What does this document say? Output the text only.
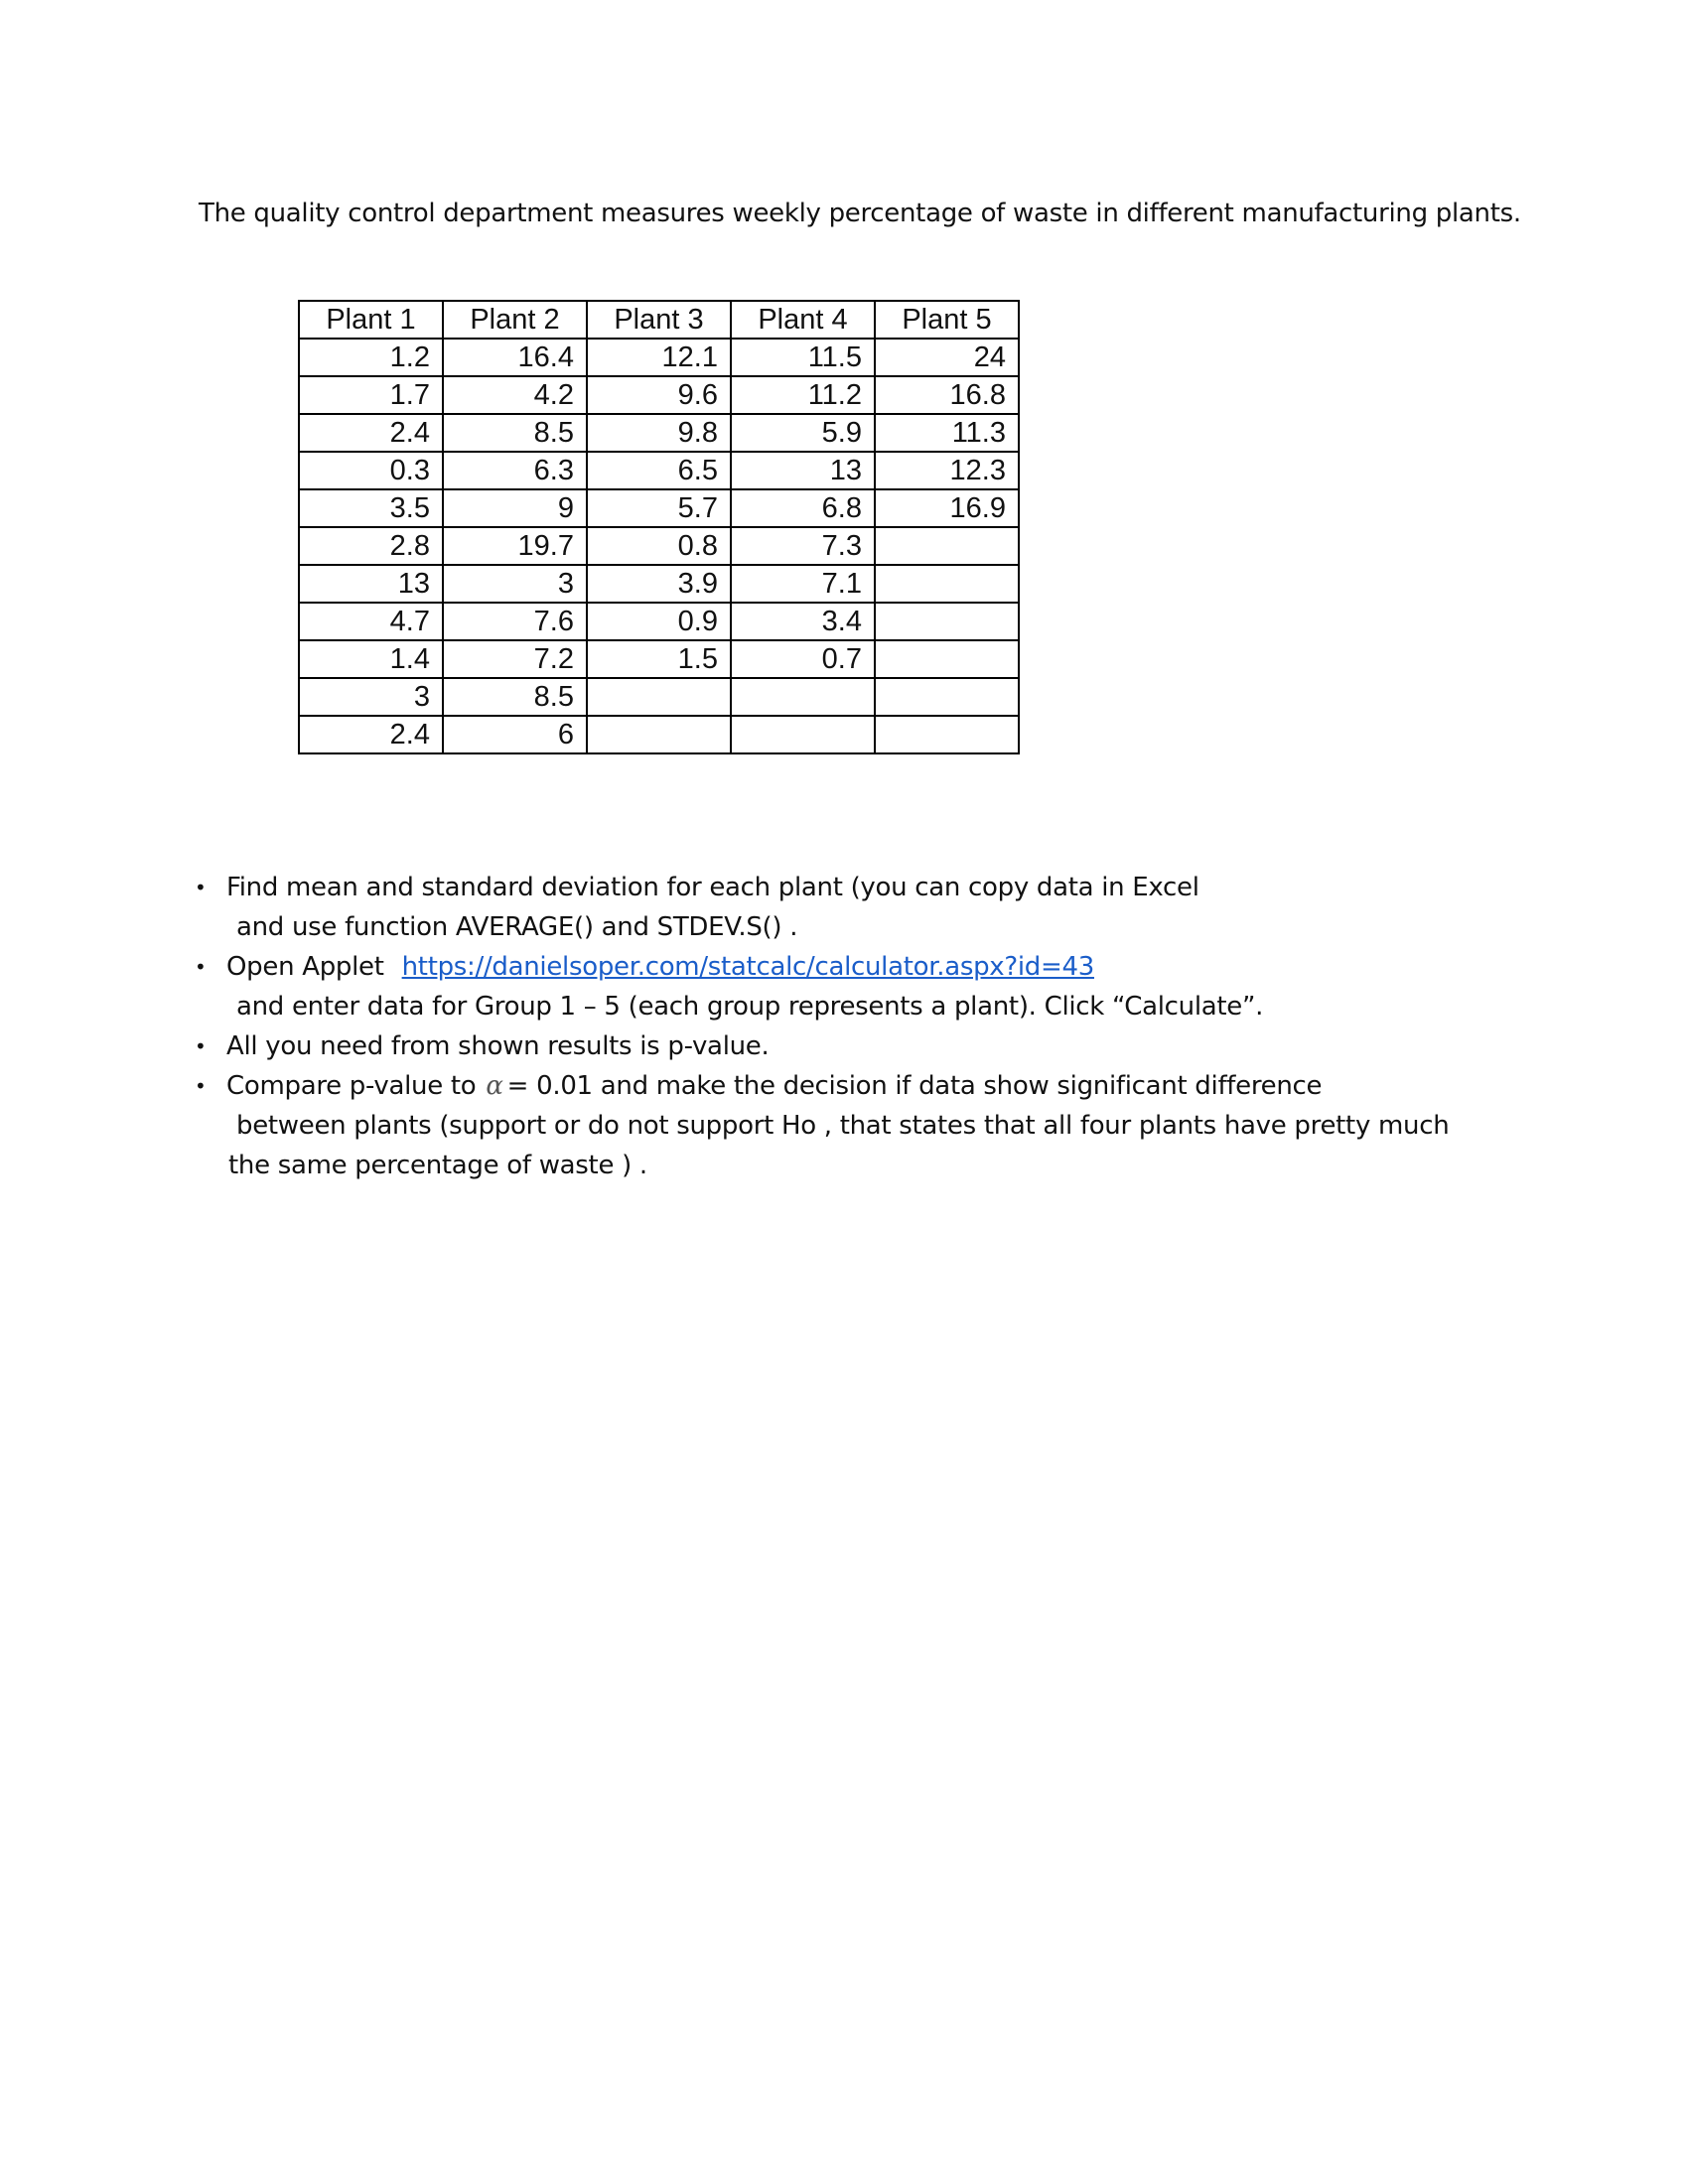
The quality control department measures weekly percentage of waste in different manufacturing plants.
Plant 1	Plant 2	Plant 3	Plant 4	Plant 5
1.2	16.4	12.1	11.5	24
1.7	4.2	9.6	11.2	16.8
2.4	8.5	9.8	5.9	11.3
0.3	6.3	6.5	13	12.3
3.5	9	5.7	6.8	16.9
2.8	19.7	0.8	7.3	
13	3	3.9	7.1	
4.7	7.6	0.9	3.4	
1.4	7.2	1.5	0.7	
3	8.5			
2.4	6			
• Find mean and standard deviation for each plant (you can copy data in Excel
and use function AVERAGE() and STDEV.S() .
• Open Applet https://danielsoper.com/statcalc/calculator.aspx?id=43
and enter data for Group 1 – 5 (each group represents a plant). Click “Calculate”.
• All you need from shown results is p-value.
• Compare p-value to α = 0.01 and make the decision if data show significant difference
between plants (support or do not support Ho , that states that all four plants have pretty much
the same percentage of waste ) .
